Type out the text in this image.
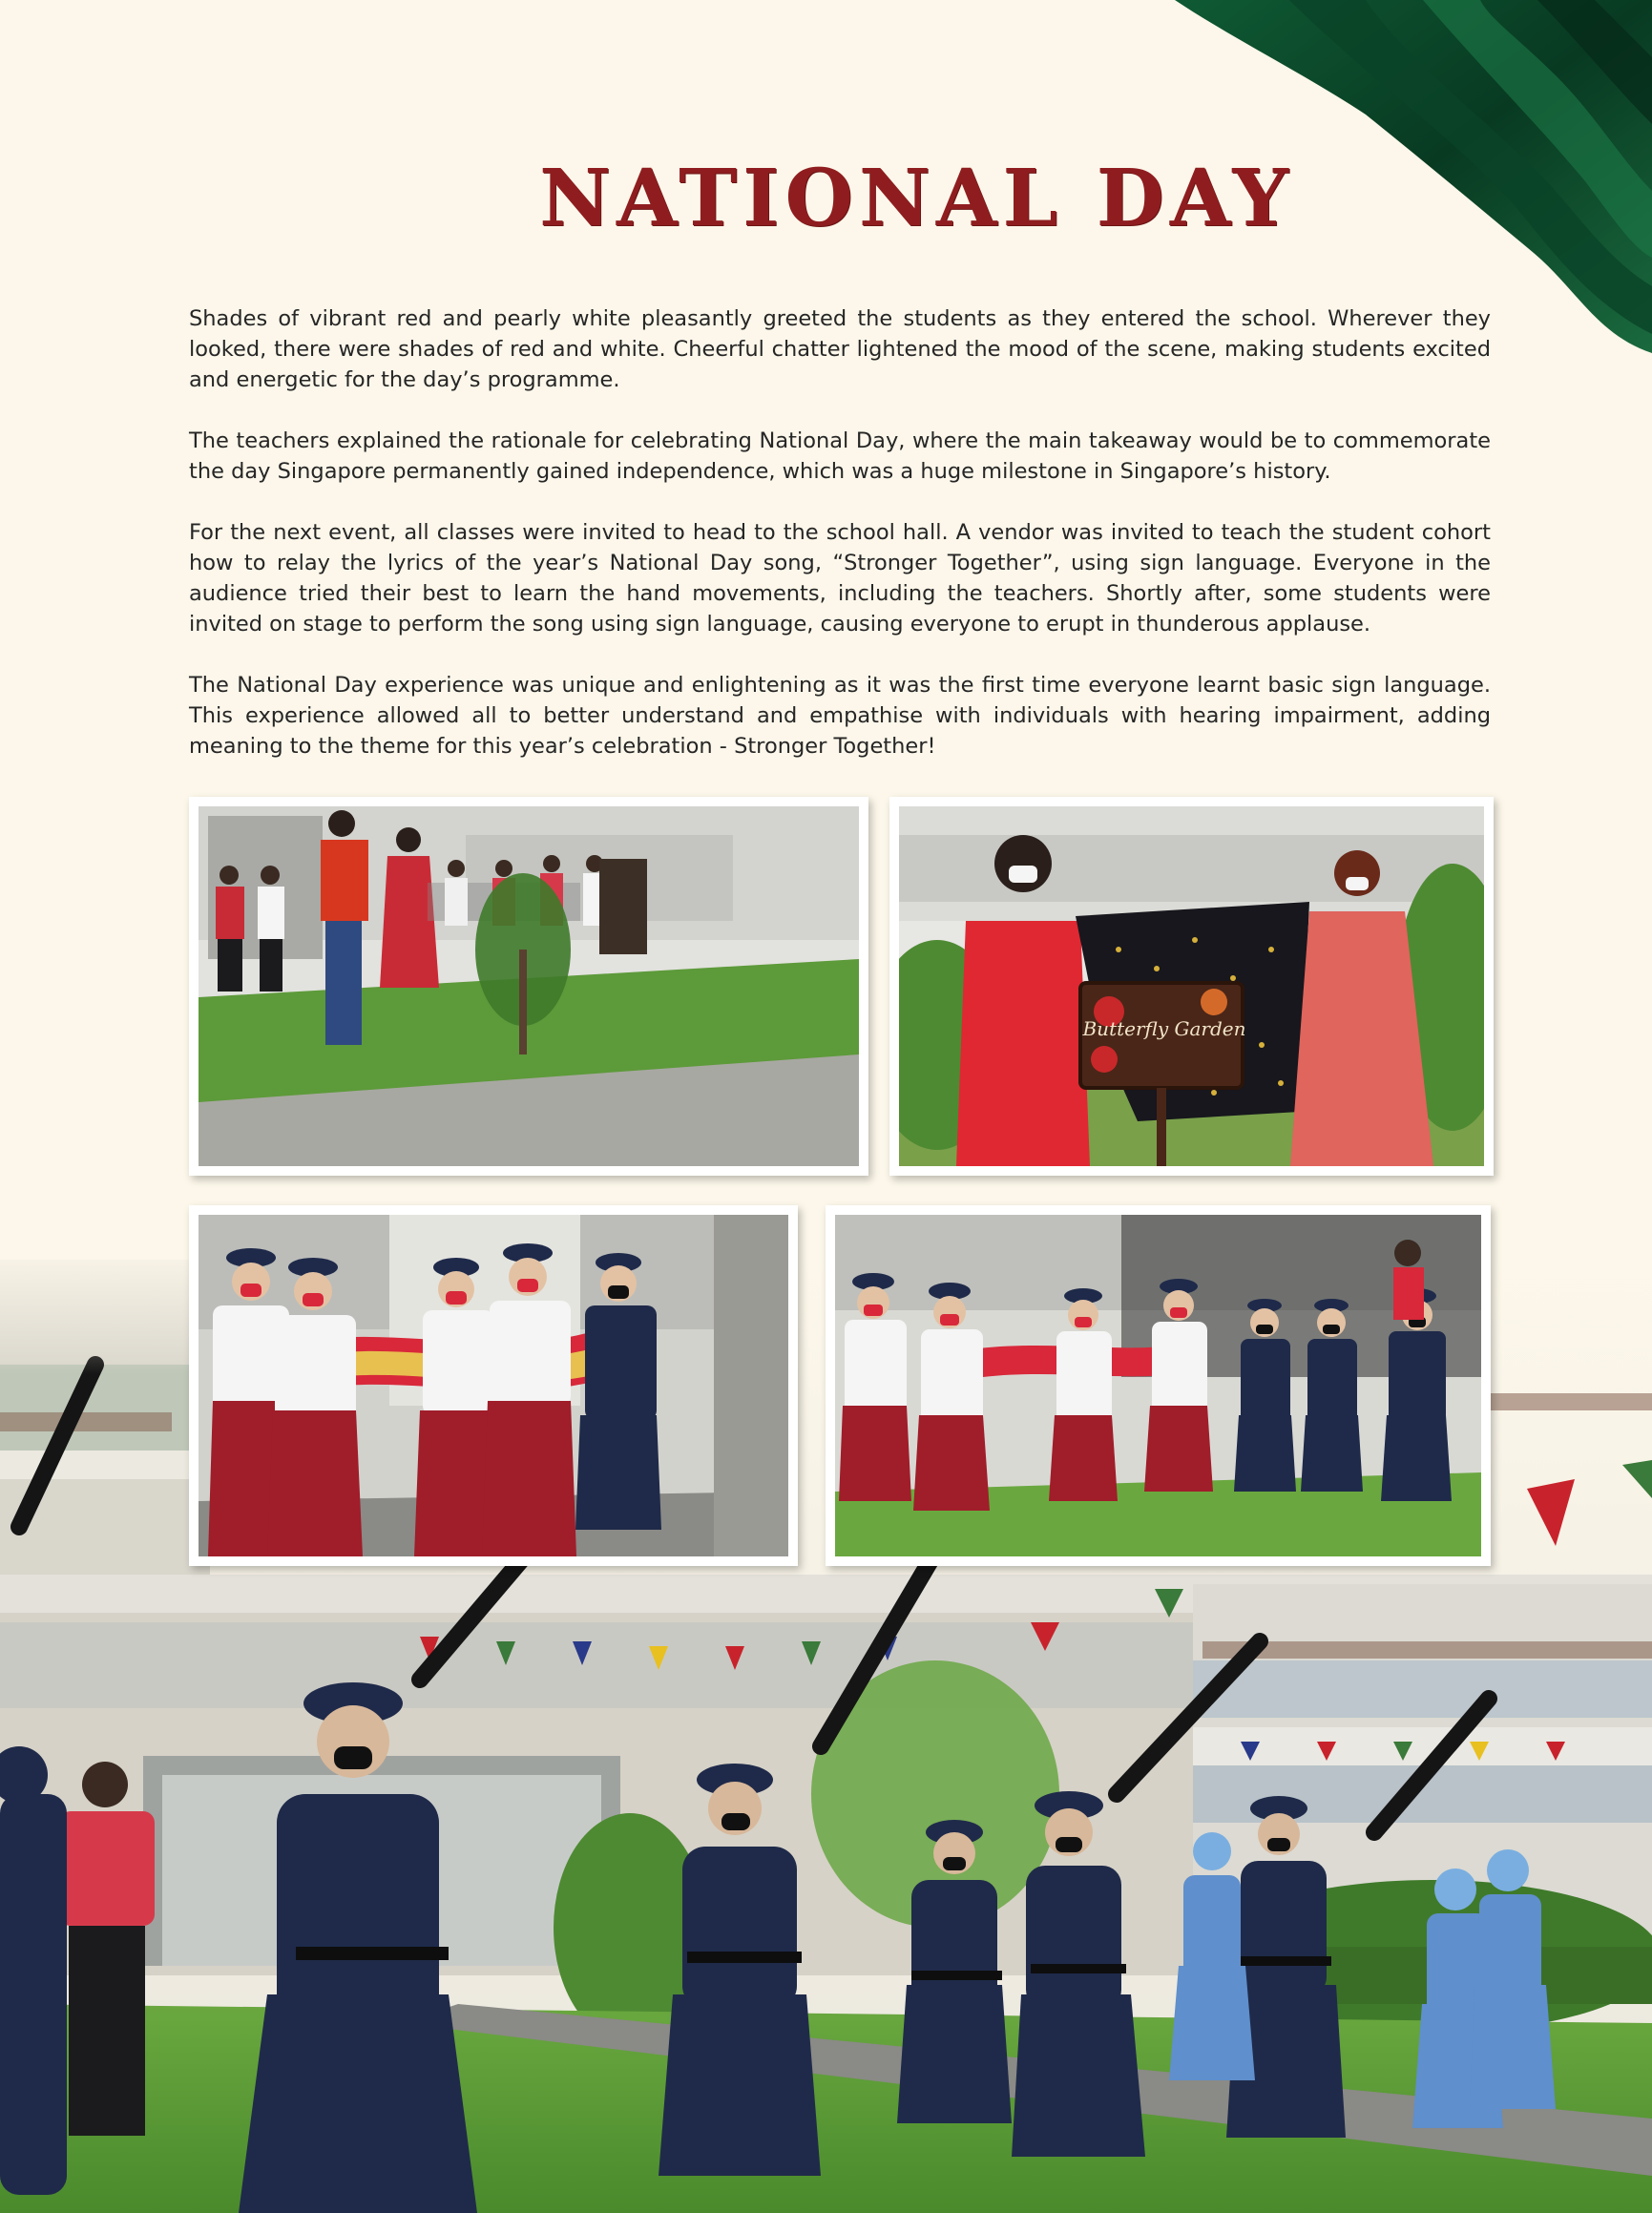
NATIONAL DAY

Shades of vibrant red and pearly white pleasantly greeted the students as they entered the school. Wherever they looked, there were shades of red and white. Cheerful chatter lightened the mood of the scene, making students excited and energetic for the day’s programme.

The teachers explained the rationale for celebrating National Day, where the main takeaway would be to commemorate the day Singapore permanently gained independence, which was a huge milestone in Singapore’s history.

For the next event, all classes were invited to head to the school hall. A vendor was invited to teach the student cohort how to relay the lyrics of the year’s National Day song, “Stronger Together”, using sign language. Everyone in the audience tried their best to learn the hand movements, including the teachers. Shortly after, some students were invited on stage to perform the song using sign language, causing everyone to erupt in thunderous applause.

The National Day experience was unique and enlightening as it was the first time everyone learnt basic sign language. This experience allowed all to better understand and empathise with individuals with hearing impairment, adding meaning to the theme for this year’s celebration - Stronger Together!

Butterfly Garden
